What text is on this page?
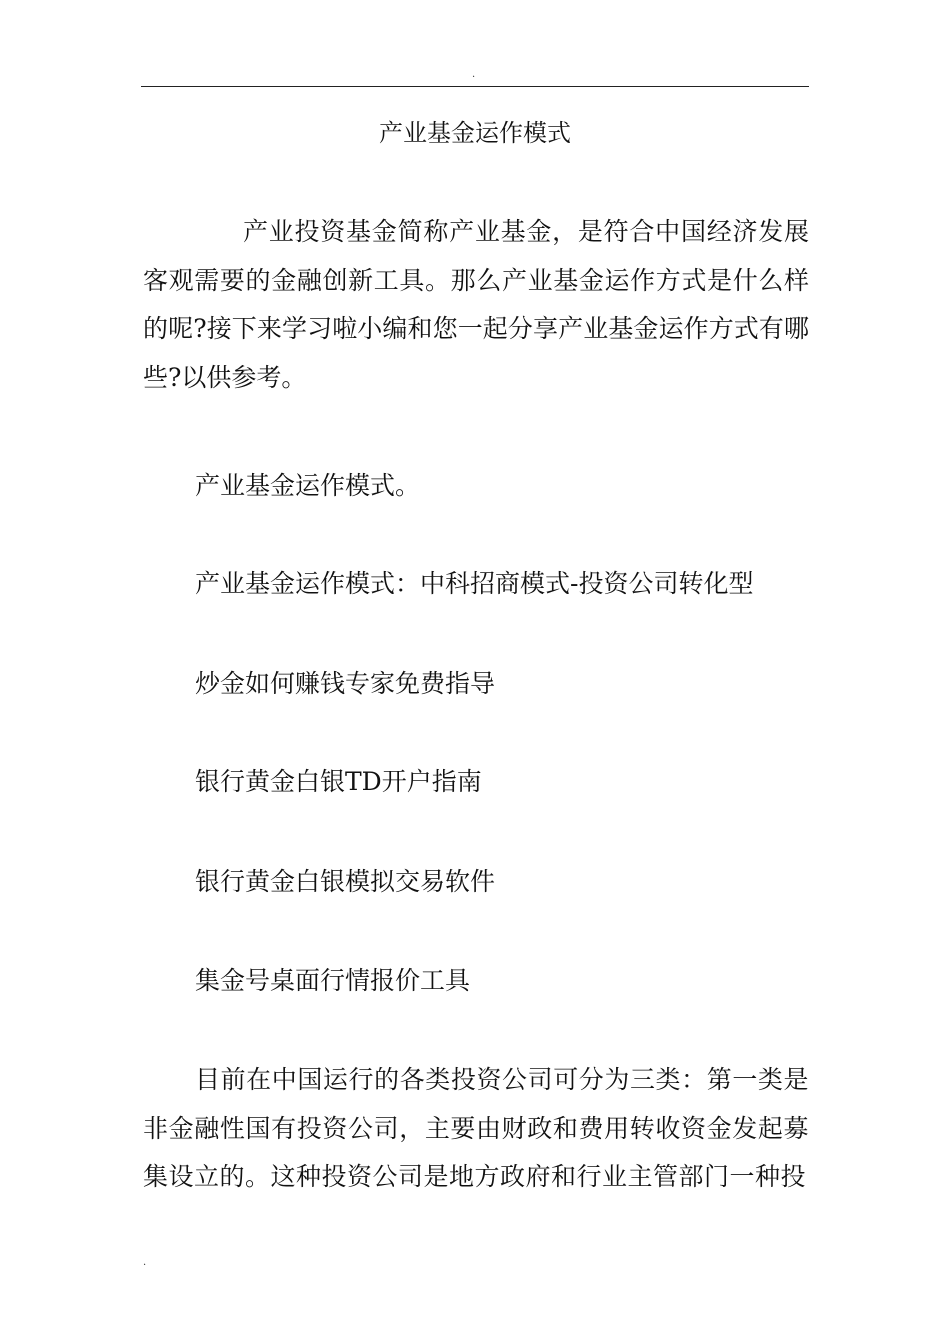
.
产业基金运作模式

产业投资基金简称产业基金，是符合中国经济发展客观需要的金融创新工具。那么产业基金运作方式是什么样的呢?接下来学习啦小编和您一起分享产业基金运作方式有哪些?以供参考。

产业基金运作模式。

产业基金运作模式：中科招商模式-投资公司转化型

炒金如何赚钱专家免费指导

银行黄金白银TD开户指南

银行黄金白银模拟交易软件

集金号桌面行情报价工具

目前在中国运行的各类投资公司可分为三类：第一类是非金融性国有投资公司，主要由财政和费用转收资金发起募集设立的。这种投资公司是地方政府和行业主管部门一种投

.
